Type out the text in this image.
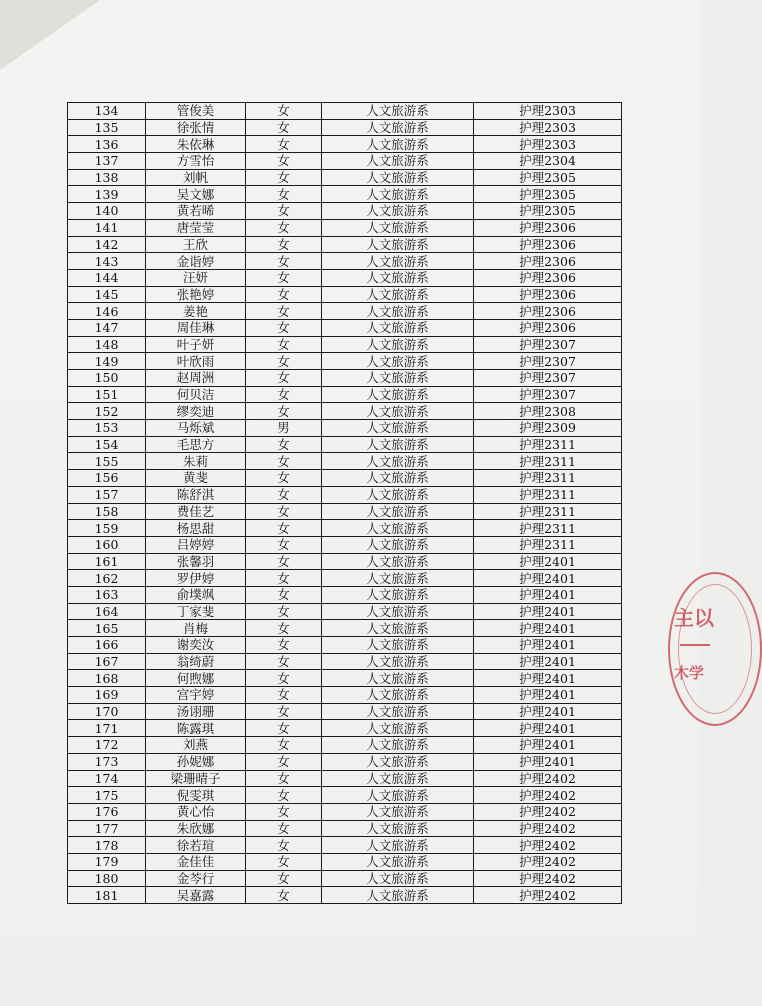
134	管俊美	女	人文旅游系	护理2303
135	徐张情	女	人文旅游系	护理2303
136	朱依琳	女	人文旅游系	护理2303
137	方雪怡	女	人文旅游系	护理2304
138	刘帆	女	人文旅游系	护理2305
139	吴文娜	女	人文旅游系	护理2305
140	黄若晞	女	人文旅游系	护理2305
141	唐莹莹	女	人文旅游系	护理2306
142	王欣	女	人文旅游系	护理2306
143	金诣婷	女	人文旅游系	护理2306
144	汪妍	女	人文旅游系	护理2306
145	张艳婷	女	人文旅游系	护理2306
146	姜艳	女	人文旅游系	护理2306
147	周佳琳	女	人文旅游系	护理2306
148	叶子妍	女	人文旅游系	护理2307
149	叶欣雨	女	人文旅游系	护理2307
150	赵周洲	女	人文旅游系	护理2307
151	何贝洁	女	人文旅游系	护理2307
152	缪奕迪	女	人文旅游系	护理2308
153	马烁斌	男	人文旅游系	护理2309
154	毛思方	女	人文旅游系	护理2311
155	朱莉	女	人文旅游系	护理2311
156	黄斐	女	人文旅游系	护理2311
157	陈舒淇	女	人文旅游系	护理2311
158	费佳艺	女	人文旅游系	护理2311
159	杨思甜	女	人文旅游系	护理2311
160	吕婷婷	女	人文旅游系	护理2311
161	张馨羽	女	人文旅游系	护理2401
162	罗伊婷	女	人文旅游系	护理2401
163	俞墣飒	女	人文旅游系	护理2401
164	丁家斐	女	人文旅游系	护理2401
165	肖梅	女	人文旅游系	护理2401
166	谢奕汝	女	人文旅游系	护理2401
167	翁绮蔚	女	人文旅游系	护理2401
168	何煦娜	女	人文旅游系	护理2401
169	宫宇婷	女	人文旅游系	护理2401
170	汤诩珊	女	人文旅游系	护理2401
171	陈露琪	女	人文旅游系	护理2401
172	刘燕	女	人文旅游系	护理2401
173	孙妮娜	女	人文旅游系	护理2401
174	梁珊晴子	女	人文旅游系	护理2402
175	倪雯琪	女	人文旅游系	护理2402
176	黄心怡	女	人文旅游系	护理2402
177	朱欣娜	女	人文旅游系	护理2402
178	徐若瑄	女	人文旅游系	护理2402
179	金佳佳	女	人文旅游系	护理2402
180	金芩行	女	人文旅游系	护理2402
181	吴嘉露	女	人文旅游系	护理2402
主以
木学
